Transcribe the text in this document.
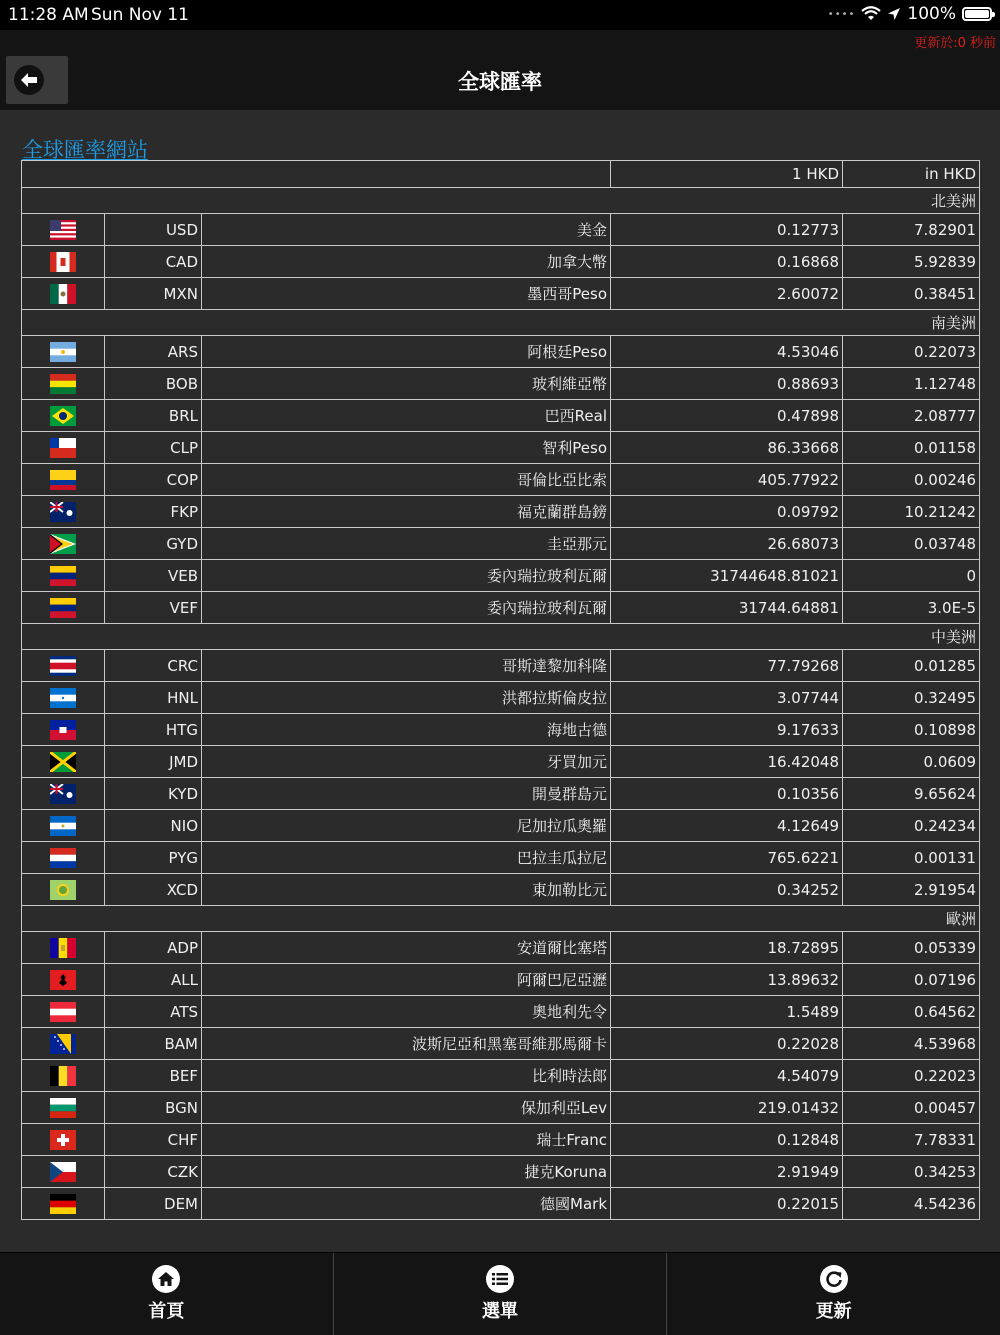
11:28 AM Sun Nov 11	••••	100%
更新於:0 秒前
全球匯率
全球匯率網站
			1 HKD	in HKD
北美洲				
	USD	美金	0.12773	7.82901
	CAD	加拿大幣	0.16868	5.92839
	MXN	墨西哥Peso	2.60072	0.38451
南美洲				
	ARS	阿根廷Peso	4.53046	0.22073
	BOB	玻利維亞幣	0.88693	1.12748
	BRL	巴西Real	0.47898	2.08777
	CLP	智利Peso	86.33668	0.01158
	COP	哥倫比亞比索	405.77922	0.00246
	FKP	福克蘭群島鎊	0.09792	10.21242
	GYD	圭亞那元	26.68073	0.03748
	VEB	委內瑞拉玻利瓦爾	31744648.81021	0
	VEF	委內瑞拉玻利瓦爾	31744.64881	3.0E-5
中美洲				
	CRC	哥斯達黎加科隆	77.79268	0.01285
	HNL	洪都拉斯倫皮拉	3.07744	0.32495
	HTG	海地古德	9.17633	0.10898
	JMD	牙買加元	16.42048	0.0609
	KYD	開曼群島元	0.10356	9.65624
	NIO	尼加拉瓜奧羅	4.12649	0.24234
	PYG	巴拉圭瓜拉尼	765.6221	0.00131
	XCD	東加勒比元	0.34252	2.91954
歐洲				
	ADP	安道爾比塞塔	18.72895	0.05339
	ALL	阿爾巴尼亞瀝	13.89632	0.07196
	ATS	奧地利先令	1.5489	0.64562
	BAM	波斯尼亞和黑塞哥維那馬爾卡	0.22028	4.53968
	BEF	比利時法郎	4.54079	0.22023
	BGN	保加利亞Lev	219.01432	0.00457
	CHF	瑞士Franc	0.12848	7.78331
	CZK	捷克Koruna	2.91949	0.34253
	DEM	德國Mark	0.22015	4.54236
首頁	選單	更新
